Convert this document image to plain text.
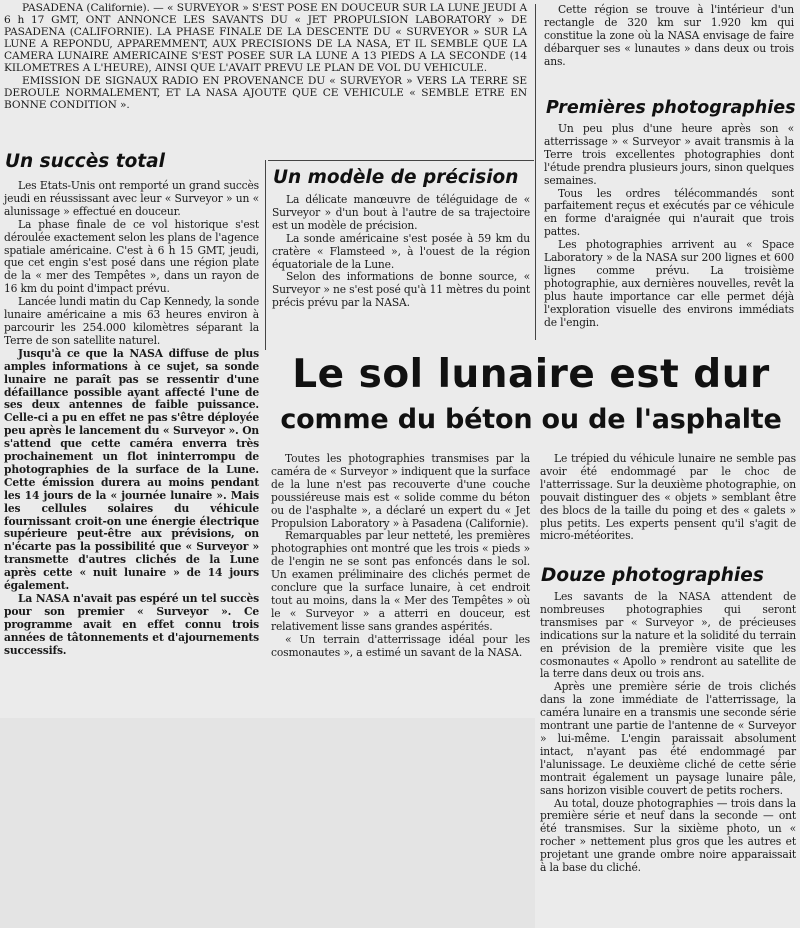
PASADENA (Californie). — « SURVEYOR » S'EST POSE EN DOUCEUR SUR LA LUNE JEUDI A 6 h 17 GMT, ONT ANNONCE LES SAVANTS DU « JET PROPULSION LABORATORY » DE PASADENA (CALIFORNIE). LA PHASE FINALE DE LA DESCENTE DU « SURVEYOR » SUR LA LUNE A REPONDU, APPAREMMENT, AUX PRECISIONS DE LA NASA, ET IL SEMBLE QUE LA CAMERA LUNAIRE AMERICAINE S'EST POSEE SUR LA LUNE A 13 PIEDS A LA SECONDE (14 KILOMETRES A L'HEURE), AINSI QUE L'AVAIT PREVU LE PLAN DE VOL DU VEHICULE.
EMISSION DE SIGNAUX RADIO EN PROVENANCE DU « SURVEYOR » VERS LA TERRE SE DEROULE NORMALEMENT, ET LA NASA AJOUTE QUE CE VEHICULE « SEMBLE ETRE EN BONNE CONDITION ».

Cette région se trouve à l'intérieur d'un rectangle de 320 km sur 1.920 km qui constitue la zone où la NASA envisage de faire débarquer ses « lunautes » dans deux ou trois ans.

Premières photographies

Un peu plus d'une heure après son « atterrissage » « Surveyor » avait transmis à la Terre trois excellentes photographies dont l'étude prendra plusieurs jours, sinon quelques semaines.

Tous les ordres télécommandés sont parfaitement reçus et exécutés par ce véhicule en forme d'araignée qui n'aurait que trois pattes.

Les photographies arrivent au « Space Laboratory » de la NASA sur 200 lignes et 600 lignes comme prévu. La troisième photographie, aux dernières nouvelles, revêt la plus haute importance car elle permet déjà l'exploration visuelle des environs immédiats de l'engin.

Un succès total

Les Etats-Unis ont remporté un grand succès jeudi en réussissant avec leur « Surveyor » un « alunissage » effectué en douceur.

La phase finale de ce vol historique s'est déroulée exactement selon les plans de l'agence spatiale américaine. C'est à 6 h 15 GMT, jeudi, que cet engin s'est posé dans une région plate de la « mer des Tempêtes », dans un rayon de 16 km du point d'impact prévu.

Lancée lundi matin du Cap Kennedy, la sonde lunaire américaine a mis 63 heures environ à parcourir les 254.000 kilomètres séparant la Terre de son satellite naturel.

Jusqu'à ce que la NASA diffuse de plus amples informations à ce sujet, sa sonde lunaire ne paraît pas se ressentir d'une défaillance possible ayant affecté l'une de ses deux antennes de faible puissance. Celle-ci a pu en effet ne pas s'être déployée peu après le lancement du « Surveyor ». On s'attend que cette caméra enverra très prochainement un flot ininterrompu de photographies de la surface de la Lune. Cette émission durera au moins pendant les 14 jours de la « journée lunaire ». Mais les cellules solaires du véhicule fournissant croit-on une énergie électrique supérieure peut-être aux prévisions, on n'écarte pas la possibilité que « Surveyor » transmette d'autres clichés de la Lune après cette « nuit lunaire » de 14 jours également.

La NASA n'avait pas espéré un tel succès pour son premier « Surveyor ». Ce programme avait en effet connu trois années de tâtonnements et d'ajournements successifs.

Un modèle de précision

La délicate manœuvre de téléguidage de « Surveyor » d'un bout à l'autre de sa trajectoire est un modèle de précision.

La sonde américaine s'est posée à 59 km du cratère « Flamsteed », à l'ouest de la région équatoriale de la Lune.

Selon des informations de bonne source, « Surveyor » ne s'est posé qu'à 11 mètres du point précis prévu par la NASA.

Le sol lunaire est dur
comme du béton ou de l'asphalte

Toutes les photographies transmises par la caméra de « Surveyor » indiquent que la surface de la lune n'est pas recouverte d'une couche poussiéreuse mais est « solide comme du béton ou de l'asphalte », a déclaré un expert du « Jet Propulsion Laboratory » à Pasadena (Californie).

Remarquables par leur netteté, les premières photographies ont montré que les trois « pieds » de l'engin ne se sont pas enfoncés dans le sol. Un examen préliminaire des clichés permet de conclure que la surface lunaire, à cet endroit tout au moins, dans la « Mer des Tempêtes » où le « Surveyor » a atterri en douceur, est relativement lisse sans grandes aspérités.

« Un terrain d'atterrissage idéal pour les cosmonautes », a estimé un savant de la NASA.

Le trépied du véhicule lunaire ne semble pas avoir été endommagé par le choc de l'atterrissage. Sur la deuxième photographie, on pouvait distinguer des « objets » semblant être des blocs de la taille du poing et des « galets » plus petits. Les experts pensent qu'il s'agit de micro-météorites.

Douze photographies

Les savants de la NASA attendent de nombreuses photographies qui seront transmises par « Surveyor », de précieuses indications sur la nature et la solidité du terrain en prévision de la première visite que les cosmonautes « Apollo » rendront au satellite de la terre dans deux ou trois ans.

Après une première série de trois clichés dans la zone immédiate de l'atterrissage, la caméra lunaire en a transmis une seconde série montrant une partie de l'antenne de « Surveyor » lui-même. L'engin paraissait absolument intact, n'ayant pas été endommagé par l'alunissage. Le deuxième cliché de cette série montrait également un paysage lunaire pâle, sans horizon visible couvert de petits rochers.

Au total, douze photographies — trois dans la première série et neuf dans la seconde — ont été transmises. Sur la sixième photo, un « rocher » nettement plus gros que les autres et projetant une grande ombre noire apparaissait à la base du cliché.
